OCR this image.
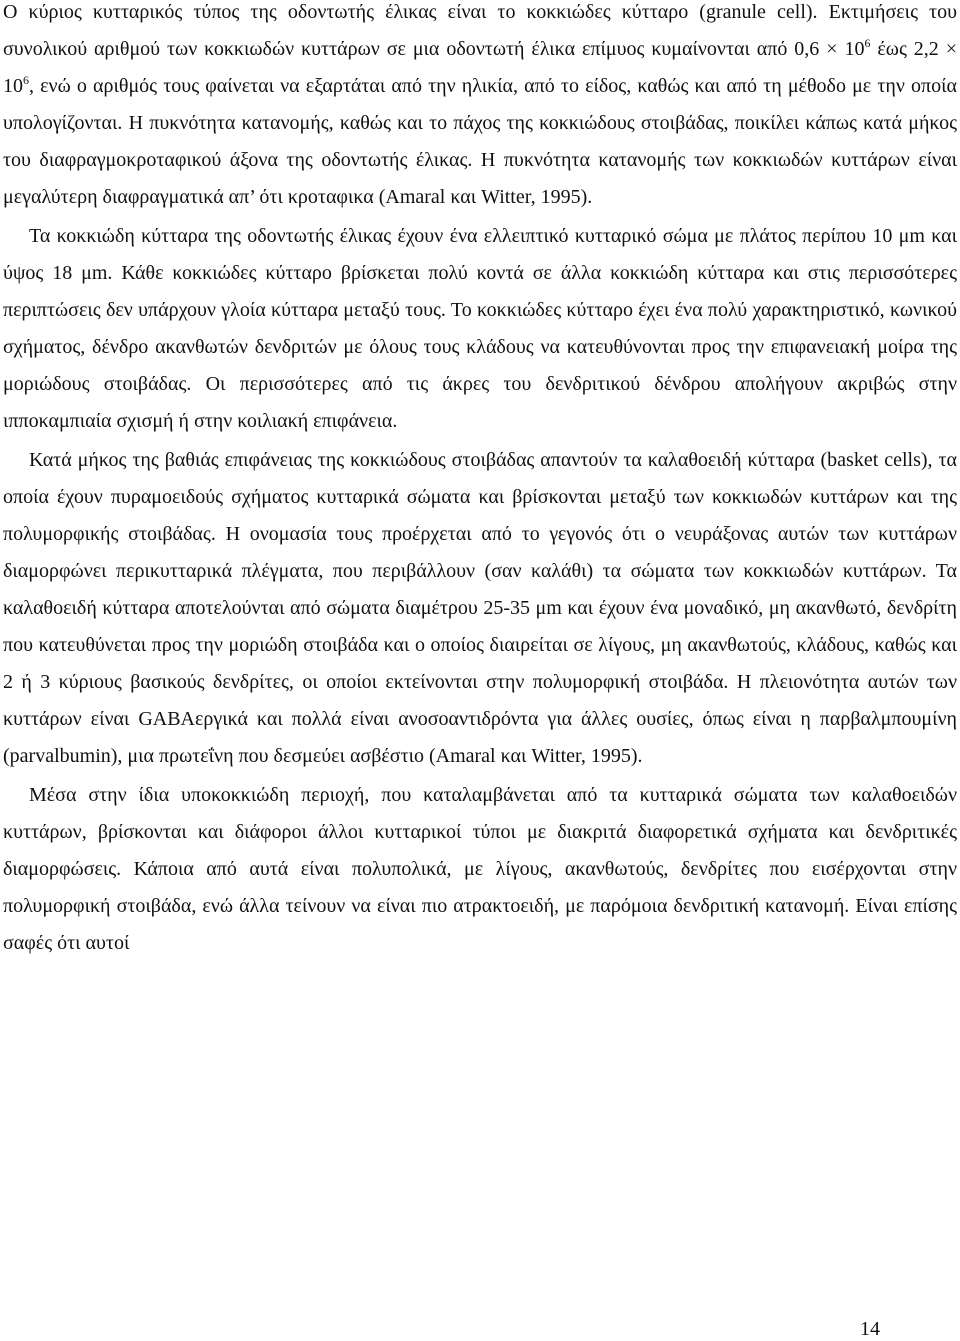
Ο κύριος κυτταρικός τύπος της οδοντωτής έλικας είναι το κοκκιώδες κύτταρο (granule cell). Εκτιμήσεις του συνολικού αριθμού των κοκκιωδών κυττάρων σε μια οδοντωτή έλικα επίμυος κυμαίνονται από $0,6 \times 10^6$ έως $2,2 \times 10^6$, ενώ ο αριθμός τους φαίνεται να εξαρτάται από την ηλικία, από το είδος, καθώς και από τη μέθοδο με την οποία υπολογίζονται. Η πυκνότητα κατανομής, καθώς και το πάχος της κοκκιώδους στοιβάδας, ποικίλει κάπως κατά μήκος του διαφραγμοκροταφικού άξονα της οδοντωτής έλικας. Η πυκνότητα κατανομής των κοκκιωδών κυττάρων είναι μεγαλύτερη διαφραγματικά απ’ ότι κροταφικα (Amaral και Witter, 1995).

Τα κοκκιώδη κύτταρα της οδοντωτής έλικας έχουν ένα ελλειπτικό κυτταρικό σώμα με πλάτος περίπου 10 μm και ύψος 18 μm. Κάθε κοκκιώδες κύτταρο βρίσκεται πολύ κοντά σε άλλα κοκκιώδη κύτταρα και στις περισσότερες περιπτώσεις δεν υπάρχουν γλοία κύτταρα μεταξύ τους. Το κοκκιώδες κύτταρο έχει ένα πολύ χαρακτηριστικό, κωνικού σχήματος, δένδρο ακανθωτών δενδριτών με όλους τους κλάδους να κατευθύνονται προς την επιφανειακή μοίρα της μοριώδους στοιβάδας. Οι περισσότερες από τις άκρες του δενδριτικού δένδρου απολήγουν ακριβώς στην ιπποκαμπιαία σχισμή ή στην κοιλιακή επιφάνεια.

Κατά μήκος της βαθιάς επιφάνειας της κοκκιώδους στοιβάδας απαντούν τα καλαθοειδή κύτταρα (basket cells), τα οποία έχουν πυραμοειδούς σχήματος κυτταρικά σώματα και βρίσκονται μεταξύ των κοκκιωδών κυττάρων και της πολυμορφικής στοιβάδας. Η ονομασία τους προέρχεται από το γεγονός ότι ο νευράξονας αυτών των κυττάρων διαμορφώνει περικυτταρικά πλέγματα, που περιβάλλουν (σαν καλάθι) τα σώματα των κοκκιωδών κυττάρων. Τα καλαθοειδή κύτταρα αποτελούνται από σώματα διαμέτρου 25-35 μm και έχουν ένα μοναδικό, μη ακανθωτό, δενδρίτη που κατευθύνεται προς την μοριώδη στοιβάδα και ο οποίος διαιρείται σε λίγους, μη ακανθωτούς, κλάδους, καθώς και 2 ή 3 κύριους βασικούς δενδρίτες, οι οποίοι εκτείνονται στην πολυμορφική στοιβάδα. Η πλειονότητα αυτών των κυττάρων είναι GABAεργικά και πολλά είναι ανοσοαντιδρόντα για άλλες ουσίες, όπως είναι η παρβαλμπουμίνη (parvalbumin), μια πρωτεΐνη που δεσμεύει ασβέστιο (Amaral και Witter, 1995).

Μέσα στην ίδια υποκοκκιώδη περιοχή, που καταλαμβάνεται από τα κυτταρικά σώματα των καλαθοειδών κυττάρων, βρίσκονται και διάφοροι άλλοι κυτταρικοί τύποι με διακριτά διαφορετικά σχήματα και δενδριτικές διαμορφώσεις. Κάποια από αυτά είναι πολυπολικά, με λίγους, ακανθωτούς, δενδρίτες που εισέρχονται στην πολυμορφική στοιβάδα, ενώ άλλα τείνουν να είναι πιο ατρακτοειδή, με παρόμοια δενδριτική κατανομή. Είναι επίσης σαφές ότι αυτοί

14
